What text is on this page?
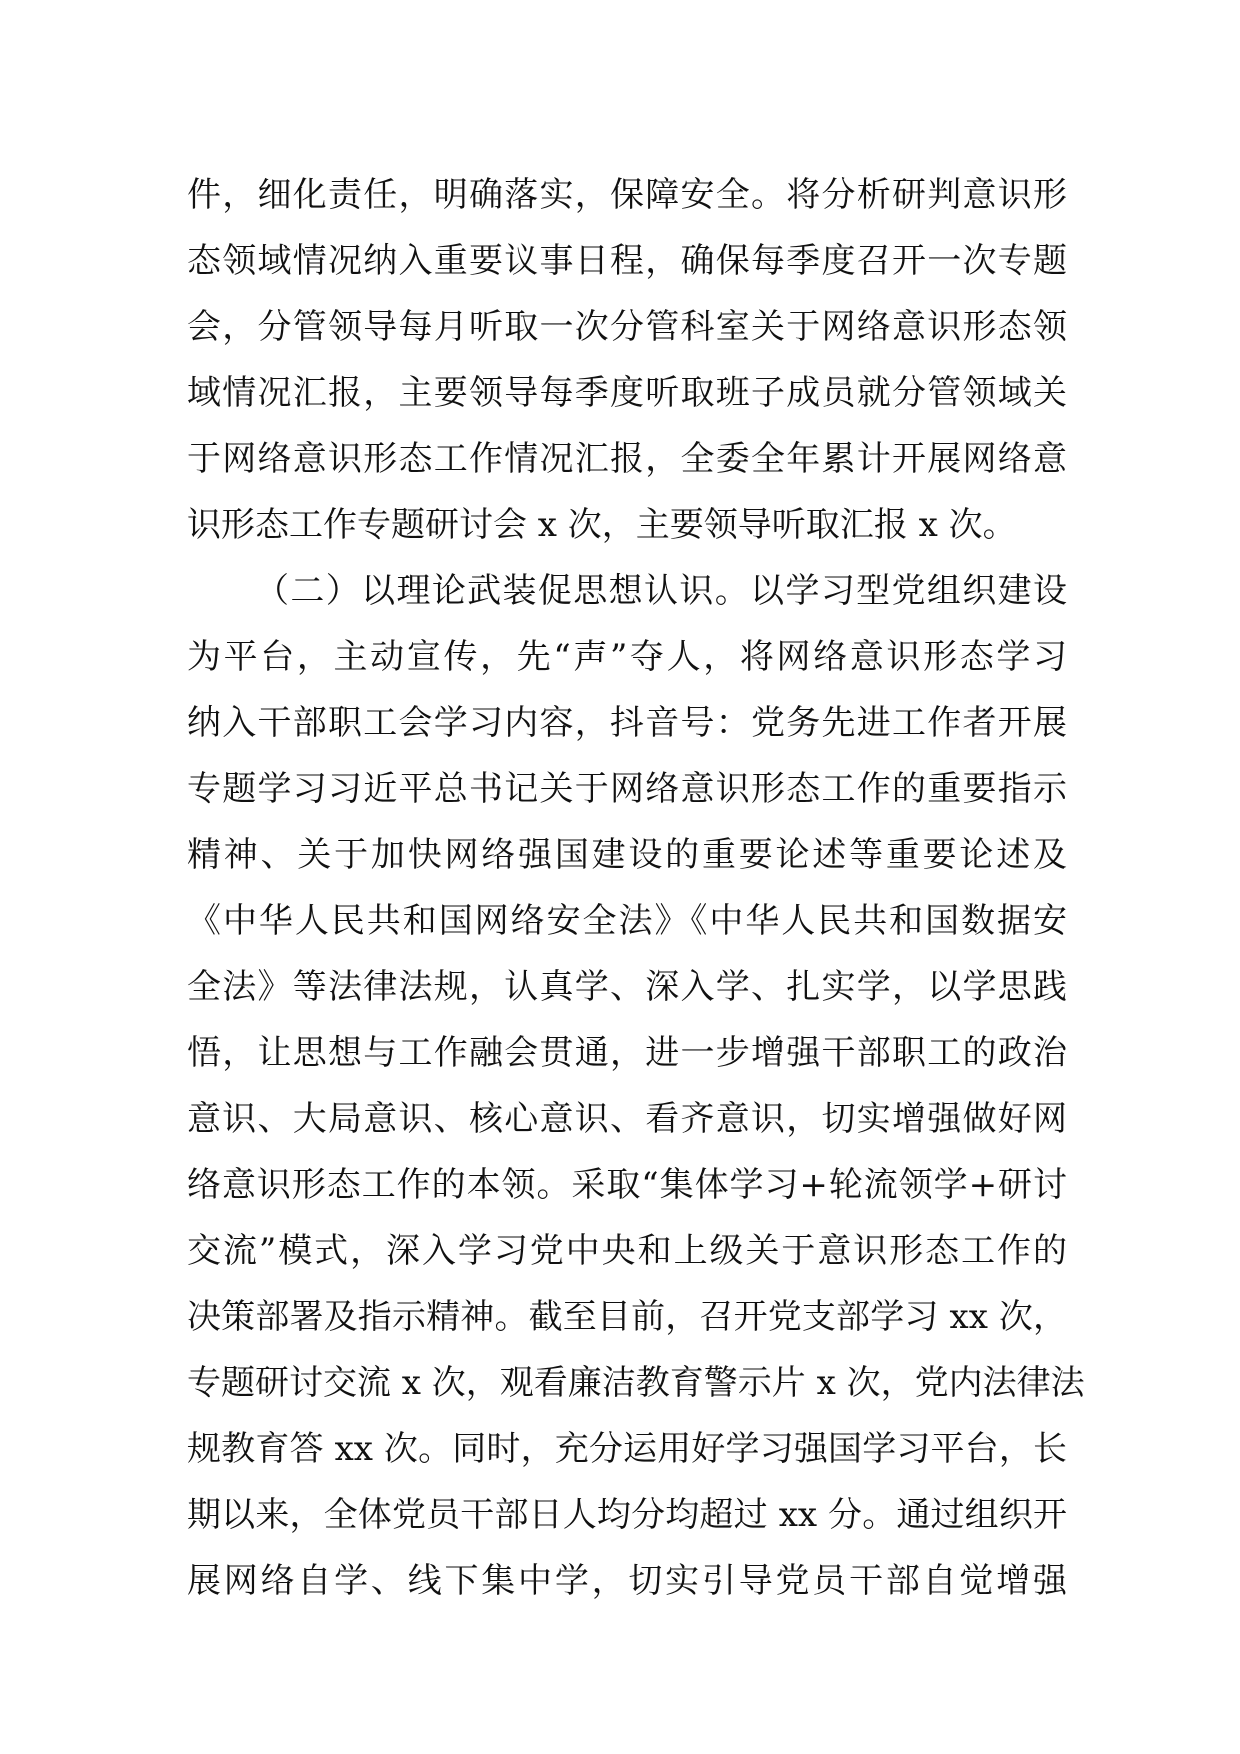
件，细化责任，明确落实，保障安全。将分析研判意识形
态领域情况纳入重要议事日程，确保每季度召开一次专题
会，分管领导每月听取一次分管科室关于网络意识形态领
域情况汇报，主要领导每季度听取班子成员就分管领域关
于网络意识形态工作情况汇报，全委全年累计开展网络意
识形态工作专题研讨会 x 次，主要领导听取汇报 x 次。
（二）以理论武装促思想认识。以学习型党组织建设
为平台，主动宣传，先“声”夺人，将网络意识形态学习
纳入干部职工会学习内容，抖音号：党务先进工作者开展
专题学习习近平总书记关于网络意识形态工作的重要指示
精神、关于加快网络强国建设的重要论述等重要论述及
《中华人民共和国网络安全法》《中华人民共和国数据安
全法》等法律法规，认真学、深入学、扎实学，以学思践
悟，让思想与工作融会贯通，进一步增强干部职工的政治
意识、大局意识、核心意识、看齐意识，切实增强做好网
络意识形态工作的本领。采取“集体学习+轮流领学+研讨
交流”模式，深入学习党中央和上级关于意识形态工作的
决策部署及指示精神。截至目前，召开党支部学习 xx 次，
专题研讨交流 x 次，观看廉洁教育警示片 x 次，党内法律法
规教育答 xx 次。同时，充分运用好学习强国学习平台，长
期以来，全体党员干部日人均分均超过 xx 分。通过组织开
展网络自学、线下集中学，切实引导党员干部自觉增强
